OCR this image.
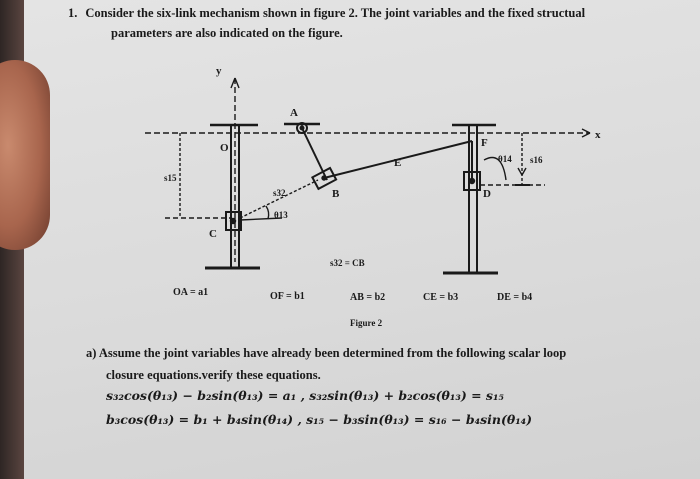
1. Consider the six-link mechanism shown in figure 2. The joint variables and the fixed structual
parameters are also indicated on the figure.
y
x
O
A
B
C
D
E
F
s15
s32
s16
θ13
θ14
s32 = CB
OA = a1	OF = b1	AB = b2	CE = b3	DE = b4
Figure 2
a) Assume the joint variables have already been determined from the following scalar loop
closure equations.verify these equations.
s₃₂cos(θ₁₃) − b₂sin(θ₁₃) = a₁ , s₃₂sin(θ₁₃) + b₂cos(θ₁₃) = s₁₅
b₃cos(θ₁₃) = b₁ + b₄sin(θ₁₄) , s₁₅ − b₃sin(θ₁₃) = s₁₆ − b₄sin(θ₁₄)
